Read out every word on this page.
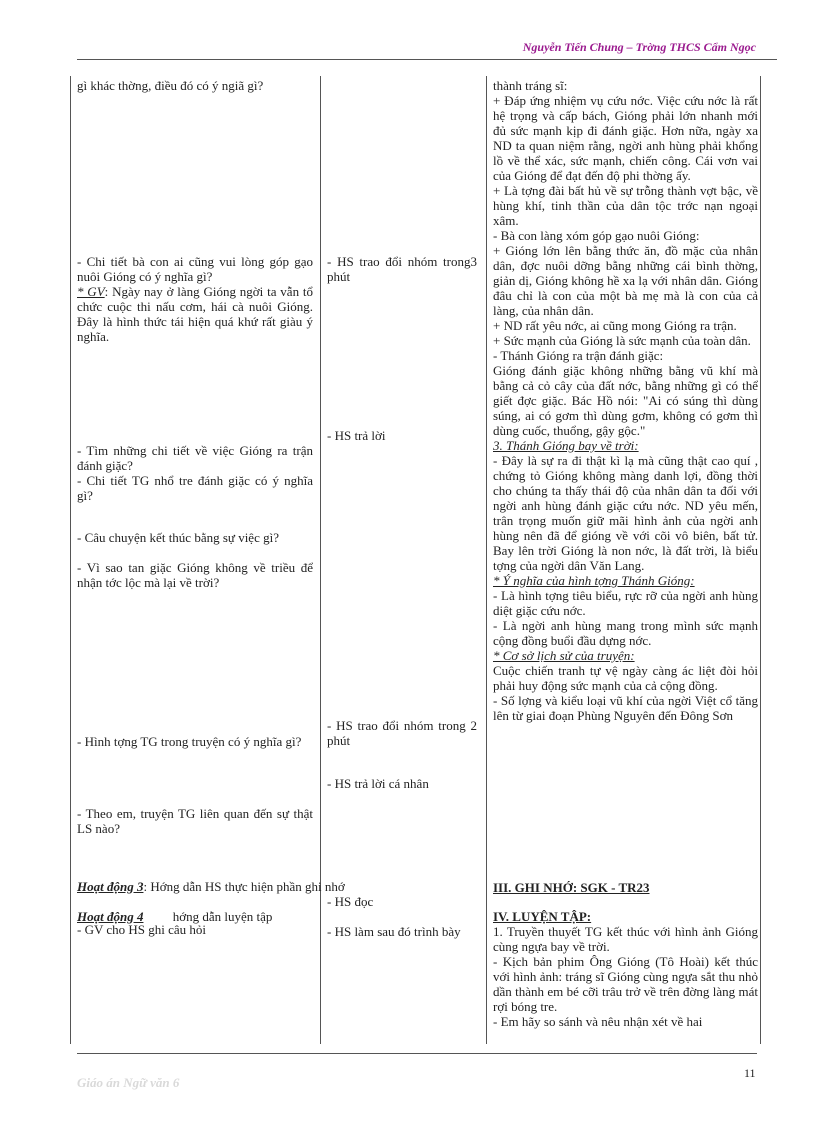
Nguyễn Tiến Chung – Trờng THCS Cẩm Ngọc
gì khác thờng, điều đó có ý ngiã gì?
- Chi tiết bà con ai cũng vui lòng góp gạo nuôi Gióng có ý nghĩa gì?
* GV: Ngày nay ở làng Gióng ngời ta vẫn tổ chức cuộc thi nấu cơm, hái cà nuôi Gióng. Đây là hình thức tái hiện quá khứ rất giàu ý nghĩa.
- Tìm những chi tiết về việc Gióng ra trận đánh giặc?
- Chi tiết TG nhổ tre đánh giặc có ý nghĩa gì?
- Câu chuyện kết thúc bằng sự việc gì?
- Vì sao tan giặc Gióng không về triều để nhận tớc lộc mà lại về trời?
- Hình tợng TG trong truyện có ý nghĩa gì?
- Theo em, truyện TG liên quan đến sự thật LS nào?
- GV cho HS ghi câu hỏi
- HS trao đổi nhóm trong3 phút
- HS trả lời
- HS trao đổi nhóm trong 2 phút
- HS trả lời cá nhân
- HS đọc
- HS làm sau đó trình bày
Hoạt động 3: Hớng dẫn HS thực hiện phần ghi nhớ
Hoạt động 4 hớng dẫn luyện tập

thành tráng sĩ:

+ Đáp ứng nhiệm vụ cứu nớc. Việc cứu nớc là rất hệ trọng và cấp bách, Gióng phải lớn nhanh mới đủ sức mạnh kịp đi đánh giặc. Hơn nữa, ngày xa ND ta quan niệm rằng, ngời anh hùng phải khổng lồ về thể xác, sức mạnh, chiến công. Cái vơn vai của Gióng để đạt đến độ phi thờng ấy.

+ Là tợng đài bất hủ về sự trỗng thành vợt bậc, về hùng khí, tinh thần của dân tộc trớc nạn ngoại xâm.

- Bà con làng xóm góp gạo nuôi Gióng:

+ Gióng lớn lên bằng thức ăn, đồ mặc của nhân dân, đợc nuôi dỡng bằng những cái bình thờng, giản dị, Gióng không hề xa lạ với nhân dân. Gióng đâu chỉ là con của một bà mẹ mà là con của cả làng, của nhân dân.

+ ND rất yêu nớc, ai cũng mong Gióng ra trận.

+ Sức mạnh của Gióng là sức mạnh của toàn dân.

- Thánh Gióng ra trận đánh giặc:

Gióng đánh giặc không những bằng vũ khí mà bằng cả cỏ cây của đất nớc, bằng những gì có thể giết đợc giặc. Bác Hồ nói: "Ai có súng thì dùng súng, ai có gơm thì dùng gơm, không có gơm thì dùng cuốc, thuổng, gậy gộc."

3. Thánh Gióng bay về trời:

- Đây là sự ra đi thật kì lạ mà cũng thật cao quí , chứng tỏ Gióng không màng danh lợi, đồng thời cho chúng ta thấy thái độ của nhân dân ta đối với ngời anh hùng đánh giặc cứu nớc. ND yêu mến, trân trọng muốn giữ mãi hình ảnh của ngời anh hùng nên đã để gióng về với cõi vô biên, bất tử. Bay lên trời Gióng là non nớc, là đất trời, là biểu tợng của ngời dân Văn Lang.

* Ý nghĩa của hình tợng Thánh Gióng:

- Là hình tợng tiêu biểu, rực rỡ của ngời anh hùng diệt giặc cứu nớc.

- Là ngời anh hùng mang trong mình sức mạnh cộng đồng buổi đầu dựng nớc.

* Cơ sở lịch sử của truyện:

Cuộc chiến tranh tự vệ ngày càng ác liệt đòi hỏi phải huy động sức mạnh của cả cộng đồng.

- Số lợng và kiểu loại vũ khí của ngời Việt cổ tăng lên từ giai đoạn Phùng Nguyên đến Đông Sơn

III. GHI NHỚ: SGK - TR23

IV. LUYỆN TẬP:

1. Truyền thuyết TG kết thúc với hình ảnh Gióng cùng ngựa bay về trời.

- Kịch bản phim Ông Gióng (Tô Hoài) kết thúc với hình ảnh: tráng sĩ Gióng cùng ngựa sắt thu nhỏ dần thành em bé cỡi trâu trở về trên đờng làng mát rợi bóng tre.

- Em hãy so sánh và nêu nhận xét về hai

11
Giáo án Ngữ văn 6
